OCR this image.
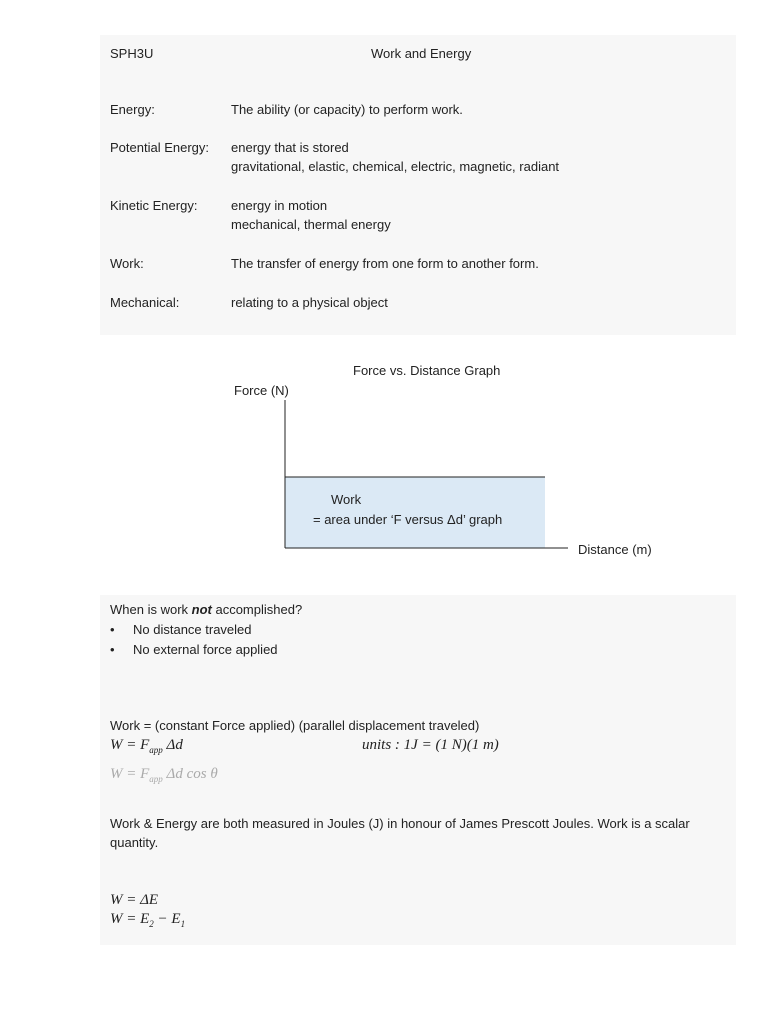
SPH3U	Work and Energy
Energy:	The ability (or capacity) to perform work.
Potential Energy: energy that is stored
gravitational, elastic, chemical, electric, magnetic, radiant
Kinetic Energy:	energy in motion
mechanical, thermal energy
Work:	The transfer of energy from one form to another form.
Mechanical:	relating to a physical object
Force vs. Distance Graph
Force (N)
Work
= area under ‘F versus Δd’ graph
Distance (m)
When is work not accomplished?
• No distance traveled
• No external force applied
Work = (constant Force applied) (parallel displacement traveled)
$W = F_{app}$ Δd	units : 1J = (1 N)(1 m)
$W = F_{app}$ Δd cos θ
Work & Energy are both measured in Joules (J) in honour of James Prescott Joules. Work is a scalar
quantity.
W = ΔE
$W = E_2 - E_1$
